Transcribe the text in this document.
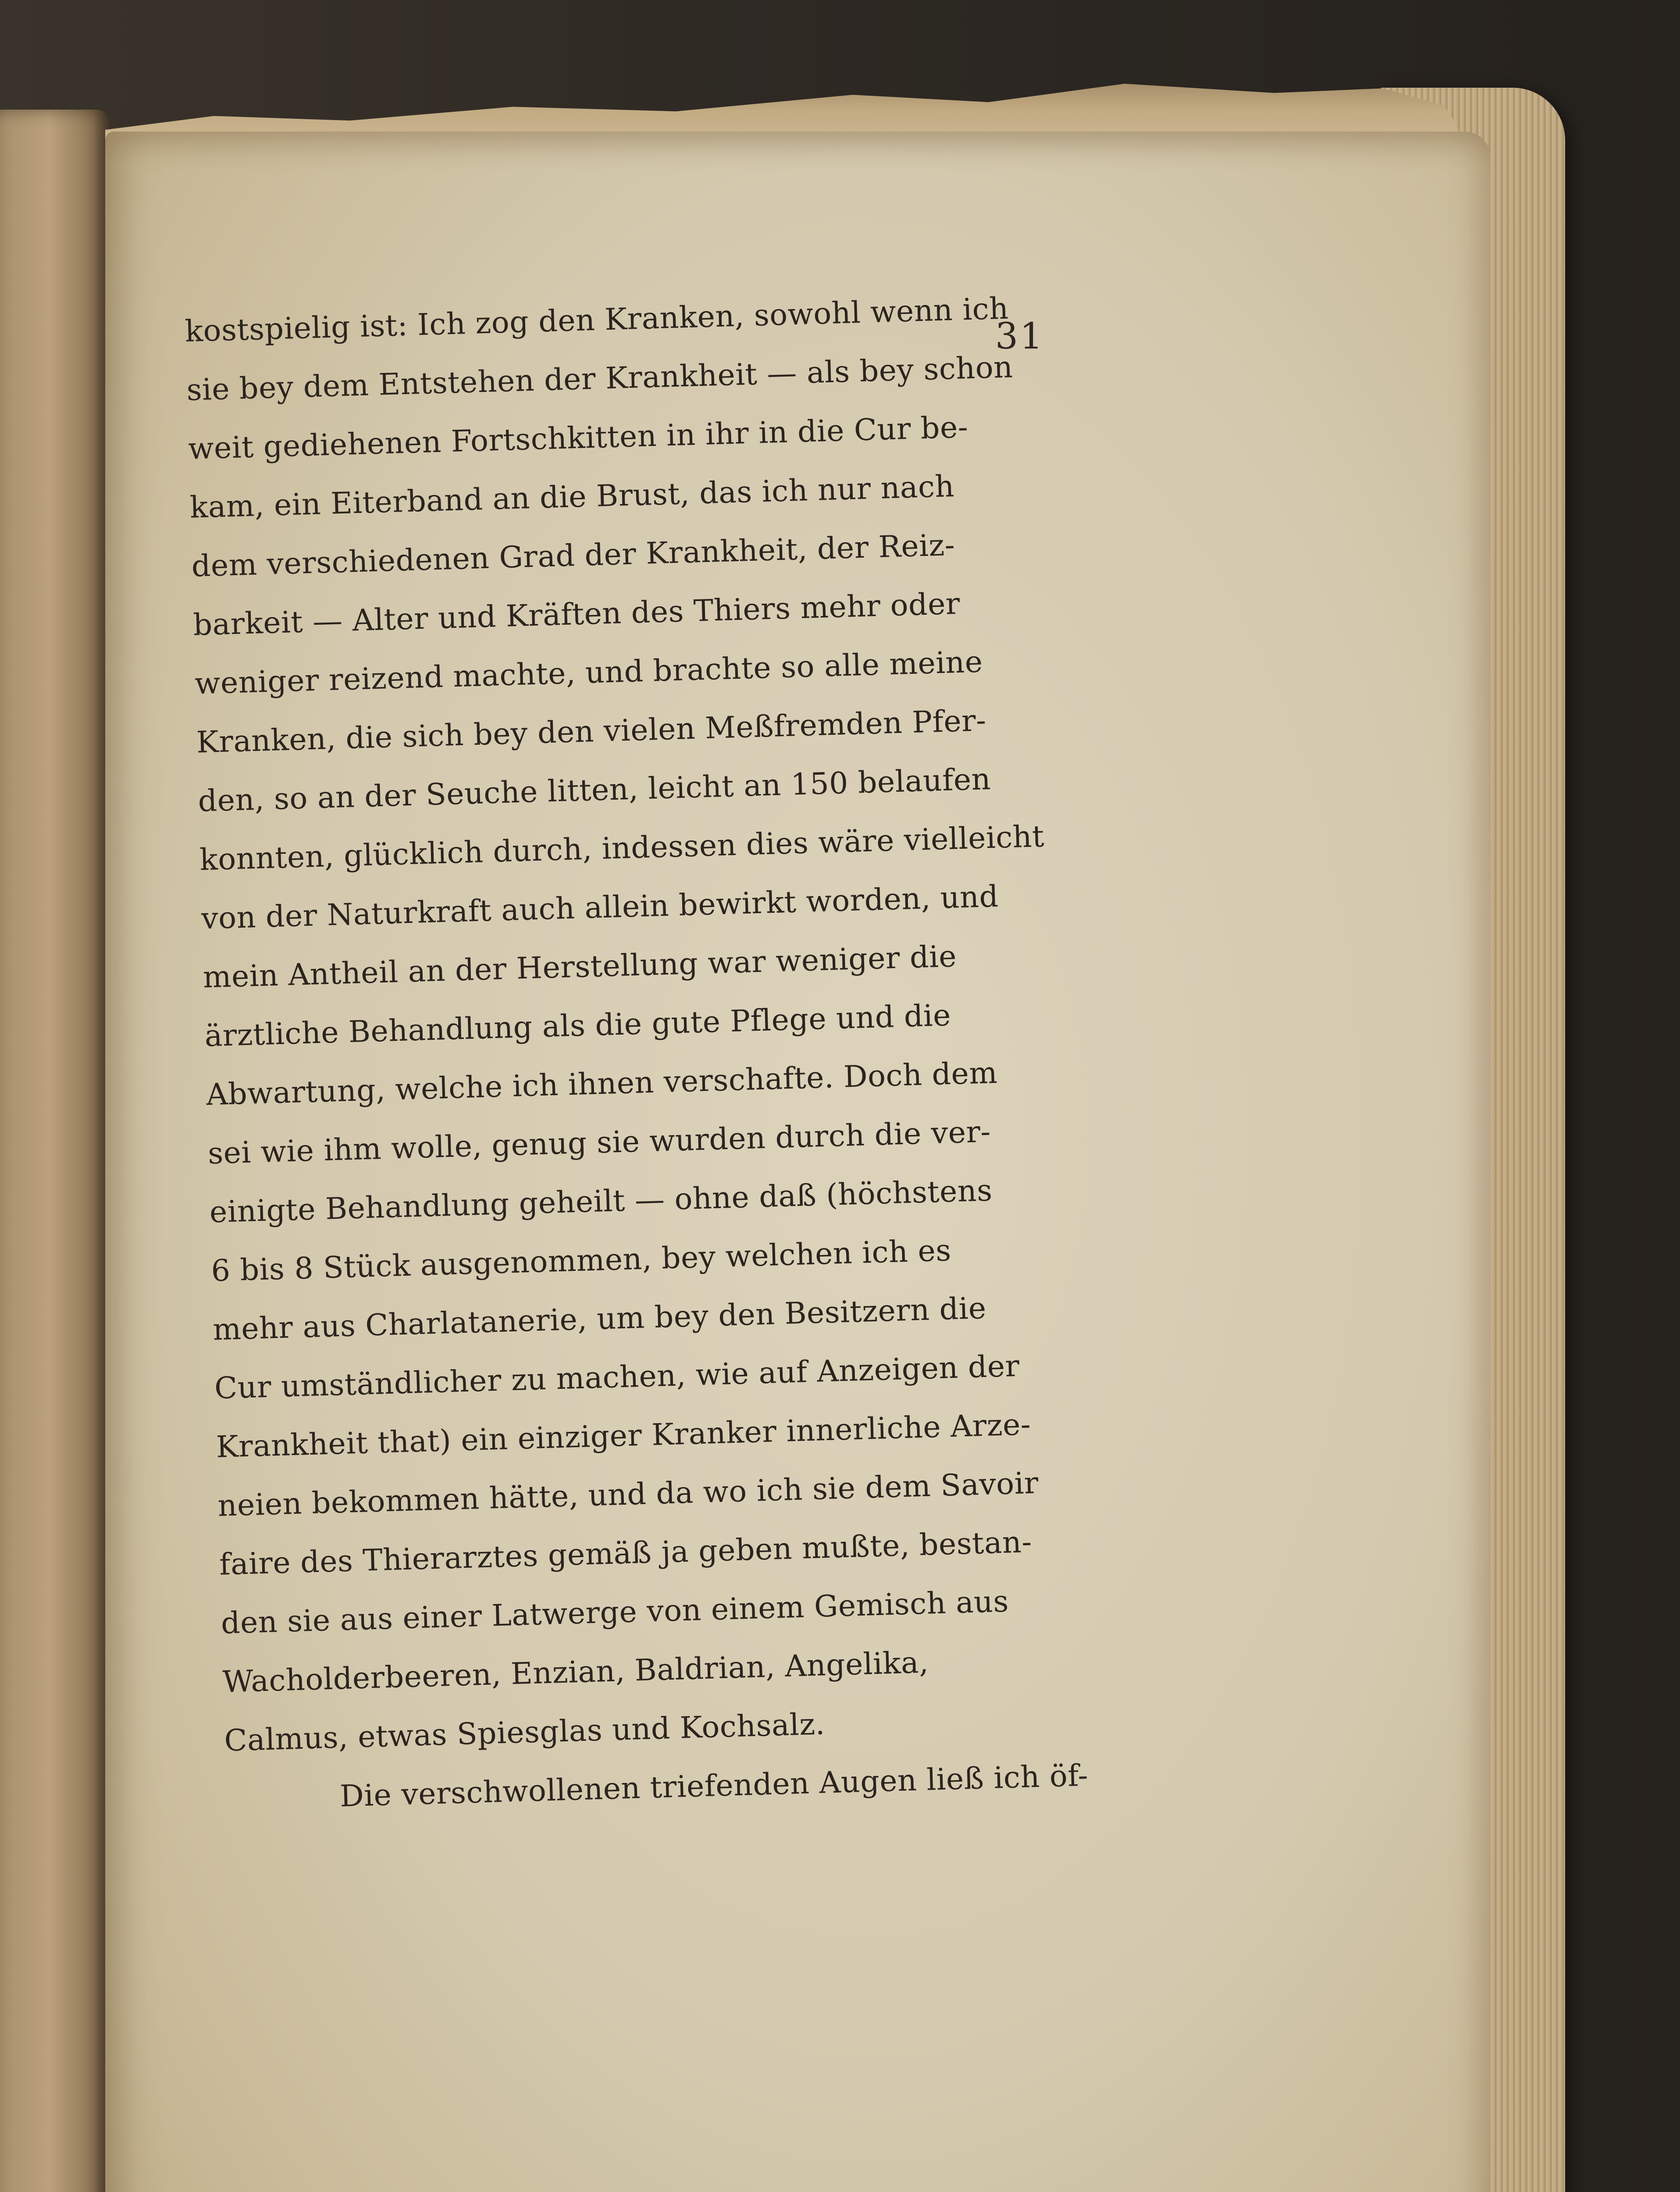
31
kostspielig ist: Ich zog den Kranken, sowohl wenn ich
sie bey dem Entstehen der Krankheit — als bey schon
weit gediehenen Fortschkitten in ihr in die Cur be-
kam, ein Eiterband an die Brust, das ich nur nach
dem verschiedenen Grad der Krankheit, der Reiz-
barkeit — Alter und Kräften des Thiers mehr oder
weniger reizend machte, und brachte so alle meine
Kranken, die sich bey den vielen Meßfremden Pfer-
den, so an der Seuche litten, leicht an 150 belaufen
konnten, glücklich durch, indessen dies wäre vielleicht
von der Naturkraft auch allein bewirkt worden, und
mein Antheil an der Herstellung war weniger die
ärztliche Behandlung als die gute Pflege und die
Abwartung, welche ich ihnen verschafte. Doch dem
sei wie ihm wolle, genug sie wurden durch die ver-
einigte Behandlung geheilt — ohne daß (höchstens
6 bis 8 Stück ausgenommen, bey welchen ich es
mehr aus Charlatanerie, um bey den Besitzern die
Cur umständlicher zu machen, wie auf Anzeigen der
Krankheit that) ein einziger Kranker innerliche Arze-
neien bekommen hätte, und da wo ich sie dem Savoir
faire des Thierarztes gemäß ja geben mußte, bestan-
den sie aus einer Latwerge von einem Gemisch aus
Wacholderbeeren, Enzian, Baldrian, Angelika,
Calmus, etwas Spiesglas und Kochsalz.
Die verschwollenen triefenden Augen ließ ich öf-
